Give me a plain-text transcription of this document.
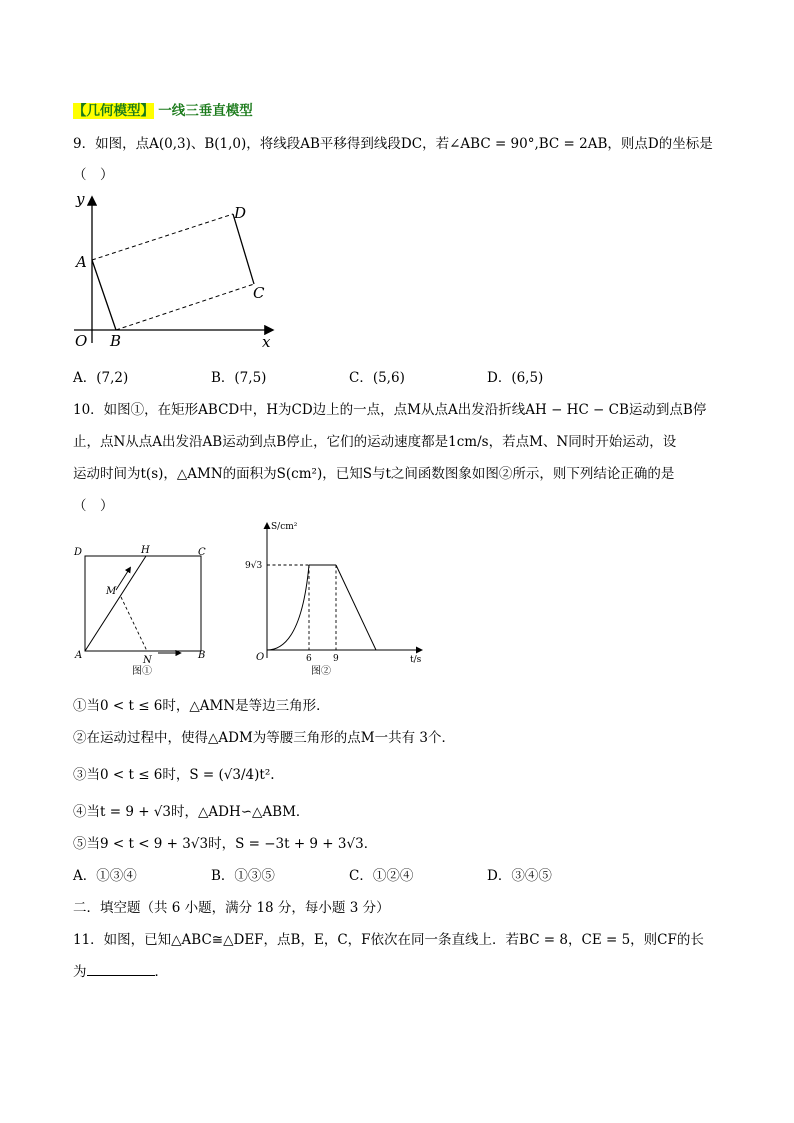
【几何模型】 一线三垂直模型
9．如图，点A(0,3)、B(1,0)，将线段AB平移得到线段DC，若∠ABC = 90°,BC = 2AB，则点D的坐标是
（　）
y
x
O
A
B
C
D
A．(7,2)	B．(7,5)	C．(5,6)	D．(6,5)
10．如图①，在矩形ABCD中，H为CD边上的一点，点M从点A出发沿折线AH − HC − CB运动到点B停
止，点N从点A出发沿AB运动到点B停止，它们的运动速度都是1cm/s，若点M、N同时开始运动，设
运动时间为t(s)，△AMN的面积为S(cm²)，已知S与t之间函数图象如图②所示，则下列结论正确的是
（　）
D	H	C
M
A	N	B
图①
S/cm²
9√3
O	6 9	t/s
图②
①当0 < t ≤ 6时，△AMN是等边三角形．
②在运动过程中，使得△ADM为等腰三角形的点M一共有 3个．
③当0 < t ≤ 6时，S = (√3/4)t².
④当t = 9 + √3时，△ADH∽△ABM．
⑤当9 < t < 9 + 3√3时，S = −3t + 9 + 3√3．
A．①③④	B．①③⑤	C．①②④	D．③④⑤
二．填空题（共 6 小题，满分 18 分，每小题 3 分）
11．如图，已知△ABC≅△DEF，点B，E，C，F依次在同一条直线上．若BC = 8，CE = 5，则CF的长
为	．
